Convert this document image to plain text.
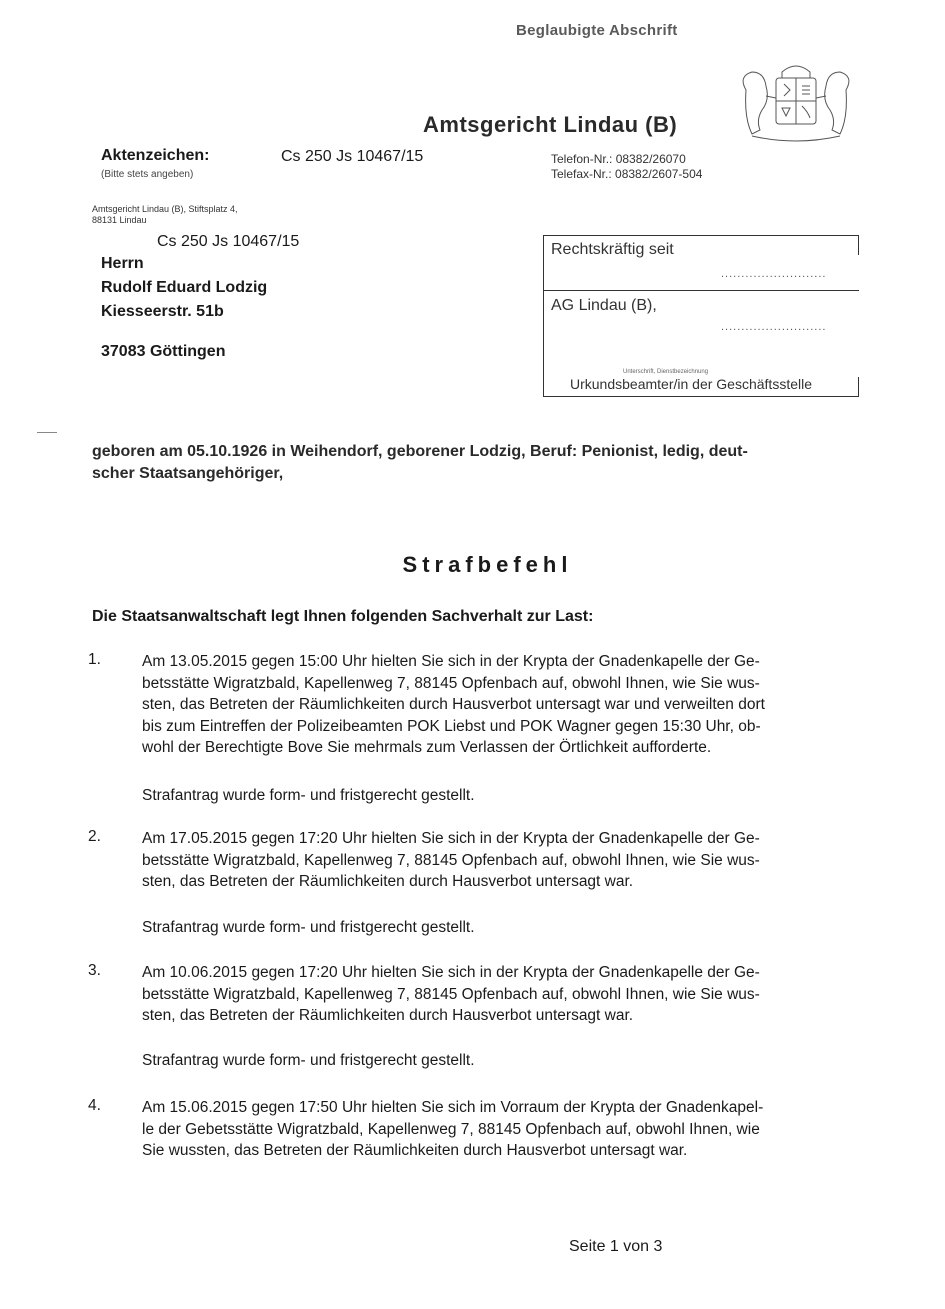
Beglaubigte Abschrift
Amtsgericht Lindau (B)
Aktenzeichen:
(Bitte stets angeben)
Cs 250 Js 10467/15	Telefon-Nr.: 08382/26070
Telefax-Nr.: 08382/2607-504
Amtsgericht Lindau (B), Stiftsplatz 4,
88131 Lindau
Cs 250 Js 10467/15
Herrn
Rudolf Eduard Lodzig
Kiesseerstr. 51b
37083 Göttingen
Rechtskräftig seit
..........................
AG Lindau (B),
..........................
Unterschrift, Dienstbezeichnung
Urkundsbeamter/in der Geschäftsstelle
geboren am 05.10.1926 in Weihendorf, geborener Lodzig, Beruf: Penionist, ledig, deut-
scher Staatsangehöriger,
Strafbefehl
Die Staatsanwaltschaft legt Ihnen folgenden Sachverhalt zur Last:
1.	Am 13.05.2015 gegen 15:00 Uhr hielten Sie sich in der Krypta der Gnadenkapelle der Ge-
betsstätte Wigratzbald, Kapellenweg 7, 88145 Opfenbach auf, obwohl Ihnen, wie Sie wus-
sten, das Betreten der Räumlichkeiten durch Hausverbot untersagt war und verweilten dort
bis zum Eintreffen der Polizeibeamten POK Liebst und POK Wagner gegen 15:30 Uhr, ob-
wohl der Berechtigte Bove Sie mehrmals zum Verlassen der Örtlichkeit aufforderte.
Strafantrag wurde form- und fristgerecht gestellt.
2.	Am 17.05.2015 gegen 17:20 Uhr hielten Sie sich in der Krypta der Gnadenkapelle der Ge-
betsstätte Wigratzbald, Kapellenweg 7, 88145 Opfenbach auf, obwohl Ihnen, wie Sie wus-
sten, das Betreten der Räumlichkeiten durch Hausverbot untersagt war.
Strafantrag wurde form- und fristgerecht gestellt.
3.	Am 10.06.2015 gegen 17:20 Uhr hielten Sie sich in der Krypta der Gnadenkapelle der Ge-
betsstätte Wigratzbald, Kapellenweg 7, 88145 Opfenbach auf, obwohl Ihnen, wie Sie wus-
sten, das Betreten der Räumlichkeiten durch Hausverbot untersagt war.
Strafantrag wurde form- und fristgerecht gestellt.
4.	Am 15.06.2015 gegen 17:50 Uhr hielten Sie sich im Vorraum der Krypta der Gnadenkapel-
le der Gebetsstätte Wigratzbald, Kapellenweg 7, 88145 Opfenbach auf, obwohl Ihnen, wie
Sie wussten, das Betreten der Räumlichkeiten durch Hausverbot untersagt war.
Seite 1 von 3
